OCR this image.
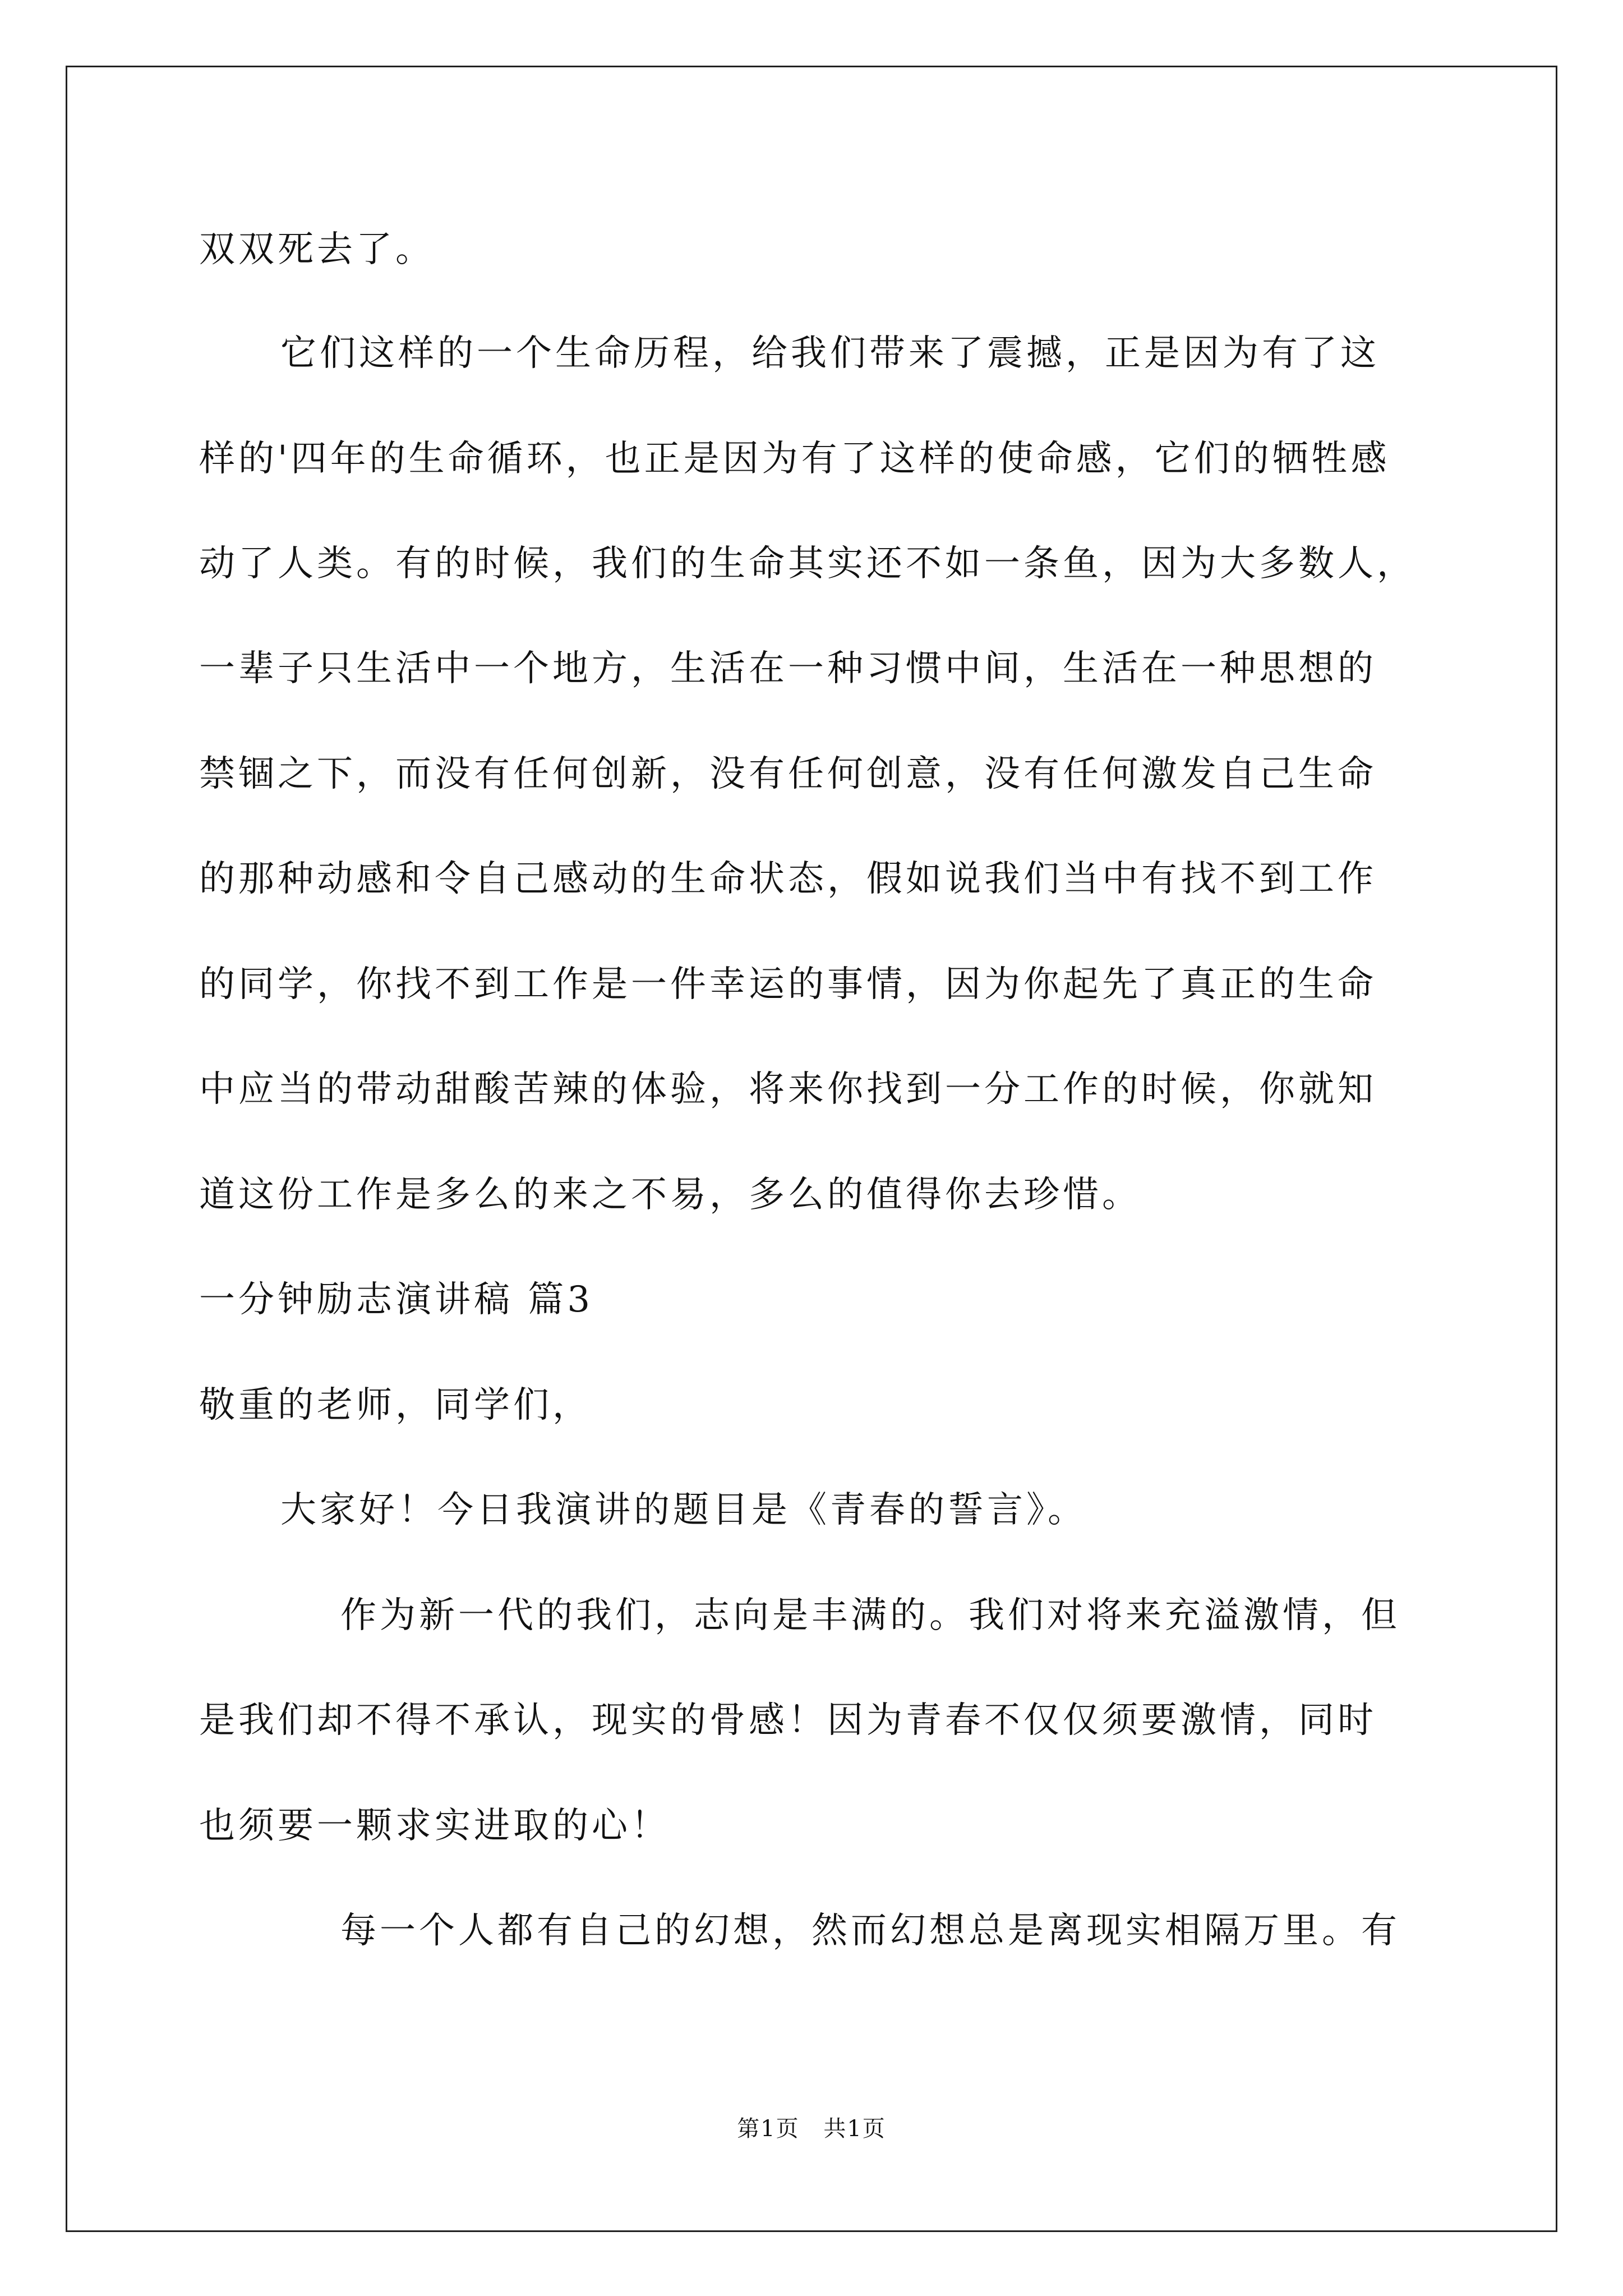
双双死去了。
它们这样的一个生命历程，给我们带来了震撼，正是因为有了这
样的'四年的生命循环，也正是因为有了这样的使命感，它们的牺牲感
动了人类。有的时候，我们的生命其实还不如一条鱼，因为大多数人，
一辈子只生活中一个地方，生活在一种习惯中间，生活在一种思想的
禁锢之下，而没有任何创新，没有任何创意，没有任何激发自己生命
的那种动感和令自己感动的生命状态，假如说我们当中有找不到工作
的同学，你找不到工作是一件幸运的事情，因为你起先了真正的生命
中应当的带动甜酸苦辣的体验，将来你找到一分工作的时候，你就知
道这份工作是多么的来之不易，多么的值得你去珍惜。
一分钟励志演讲稿 篇3
敬重的老师，同学们，
大家好！今日我演讲的题目是《青春的誓言》。
作为新一代的我们，志向是丰满的。我们对将来充溢激情，但
是我们却不得不承认，现实的骨感！因为青春不仅仅须要激情，同时
也须要一颗求实进取的心！
每一个人都有自己的幻想，然而幻想总是离现实相隔万里。有
第1页 共1页
